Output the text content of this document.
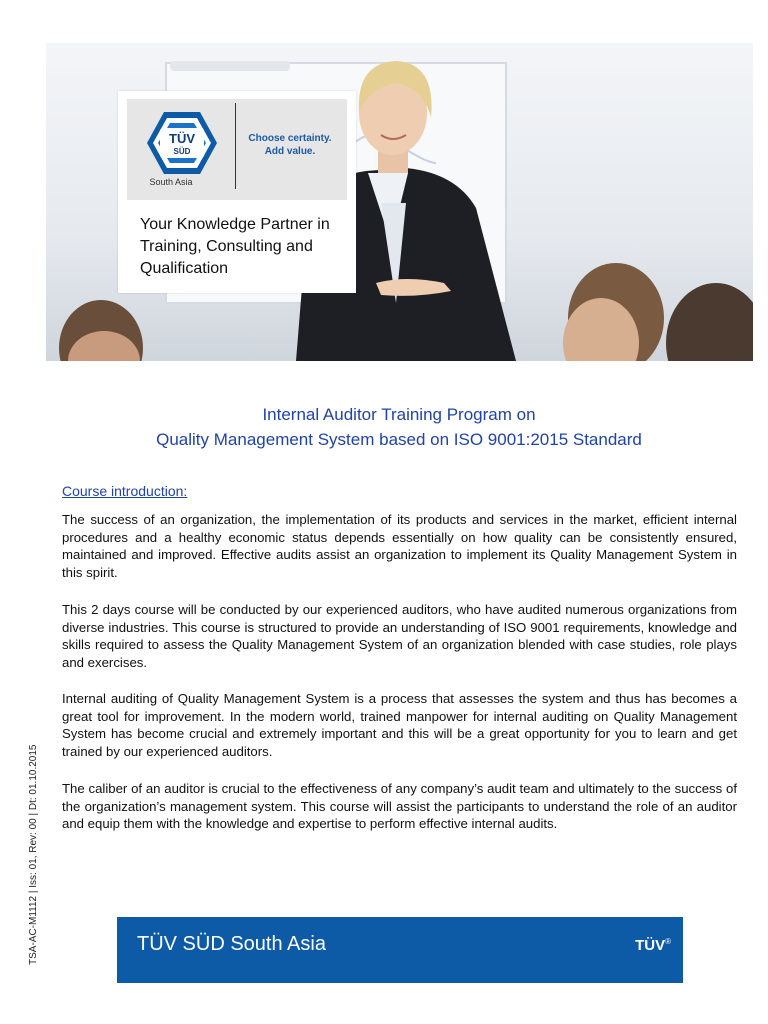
TÜV
SÜD
Choose certainty.
Add value.
South Asia
Your Knowledge Partner in Training, Consulting and Qualification
Internal Auditor Training Program on
Quality Management System based on ISO 9001:2015 Standard
Course introduction:

The success of an organization, the implementation of its products and services in the market, efficient internal procedures and a healthy economic status depends essentially on how quality can be consistently ensured, maintained and improved. Effective audits assist an organization to implement its Quality Management System in this spirit.

This 2 days course will be conducted by our experienced auditors, who have audited numerous organizations from diverse industries. This course is structured to provide an understanding of ISO 9001 requirements, knowledge and skills required to assess the Quality Management System of an organization blended with case studies, role plays and exercises.

Internal auditing of Quality Management System is a process that assesses the system and thus has becomes a great tool for improvement. In the modern world, trained manpower for internal auditing on Quality Management System has become crucial and extremely important and this will be a great opportunity for you to learn and get trained by our experienced auditors.

The caliber of an auditor is crucial to the effectiveness of any company’s audit team and ultimately to the success of the organization’s management system. This course will assist the participants to understand the role of an auditor and equip them with the knowledge and expertise to perform effective internal audits.

TSA-AC-M1112 | Iss: 01, Rev: 00 | Dt: 01.10.2015	TÜV SÜD South Asia	TÜV®
